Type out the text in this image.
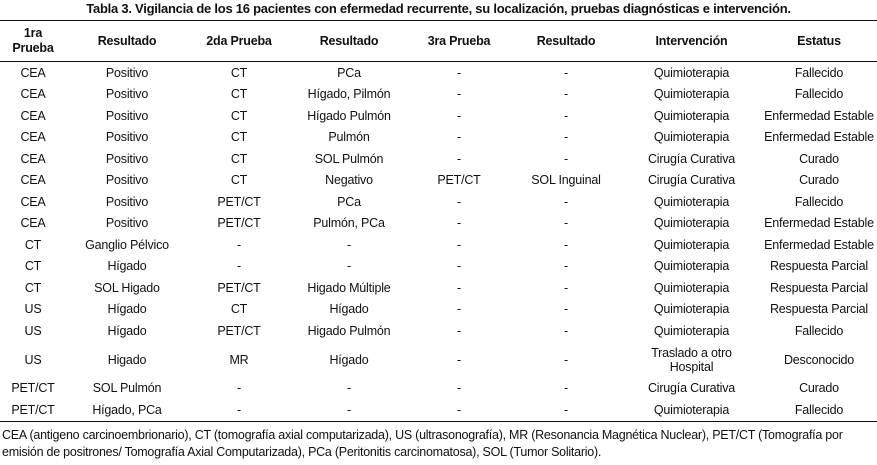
Tabla 3. Vigilancia de los 16 pacientes con efermedad recurrente, su localización, pruebas diagnósticas e intervención.
1ra Prueba	Resultado	2da Prueba	Resultado	3ra Prueba	Resultado	Intervención	Estatus
CEA	Positivo	CT	PCa	-	-	Quimioterapia	Fallecido
CEA	Positivo	CT	Hígado, Pilmón	-	-	Quimioterapia	Fallecido
CEA	Positivo	CT	Hígado Pulmón	-	-	Quimioterapia	Enfermedad Estable
CEA	Positivo	CT	Pulmón	-	-	Quimioterapia	Enfermedad Estable
CEA	Positivo	CT	SOL Pulmón	-	-	Cirugía Curativa	Curado
CEA	Positivo	CT	Negativo	PET/CT	SOL Inguinal	Cirugía Curativa	Curado
CEA	Positivo	PET/CT	PCa	-	-	Quimioterapia	Fallecido
CEA	Positivo	PET/CT	Pulmón, PCa	-	-	Quimioterapia	Enfermedad Estable
CT	Ganglio Pélvico	-	-	-	-	Quimioterapia	Enfermedad Estable
CT	Hígado	-	-	-	-	Quimioterapia	Respuesta Parcial
CT	SOL Higado	PET/CT	Higado Múltiple	-	-	Quimioterapia	Respuesta Parcial
US	Hígado	CT	Hígado	-	-	Quimioterapia	Respuesta Parcial
US	Hígado	PET/CT	Higado Pulmón	-	-	Quimioterapia	Fallecido
US	Higado	MR	Hígado	-	-	Traslado a otro Hospital	Desconocido
PET/CT	SOL Pulmón	-	-	-	-	Cirugía Curativa	Curado
PET/CT	Hígado, PCa	-	-	-	-	Quimioterapia	Fallecido
CEA (antigeno carcinoembrionario), CT (tomografía axial computarizada), US (ultrasonografía), MR (Resonancia Magnética Nuclear), PET/CT (Tomografía por emisión de positrones/ Tomografía Axial Computarizada), PCa (Peritonitis carcinomatosa), SOL (Tumor Solitario).
